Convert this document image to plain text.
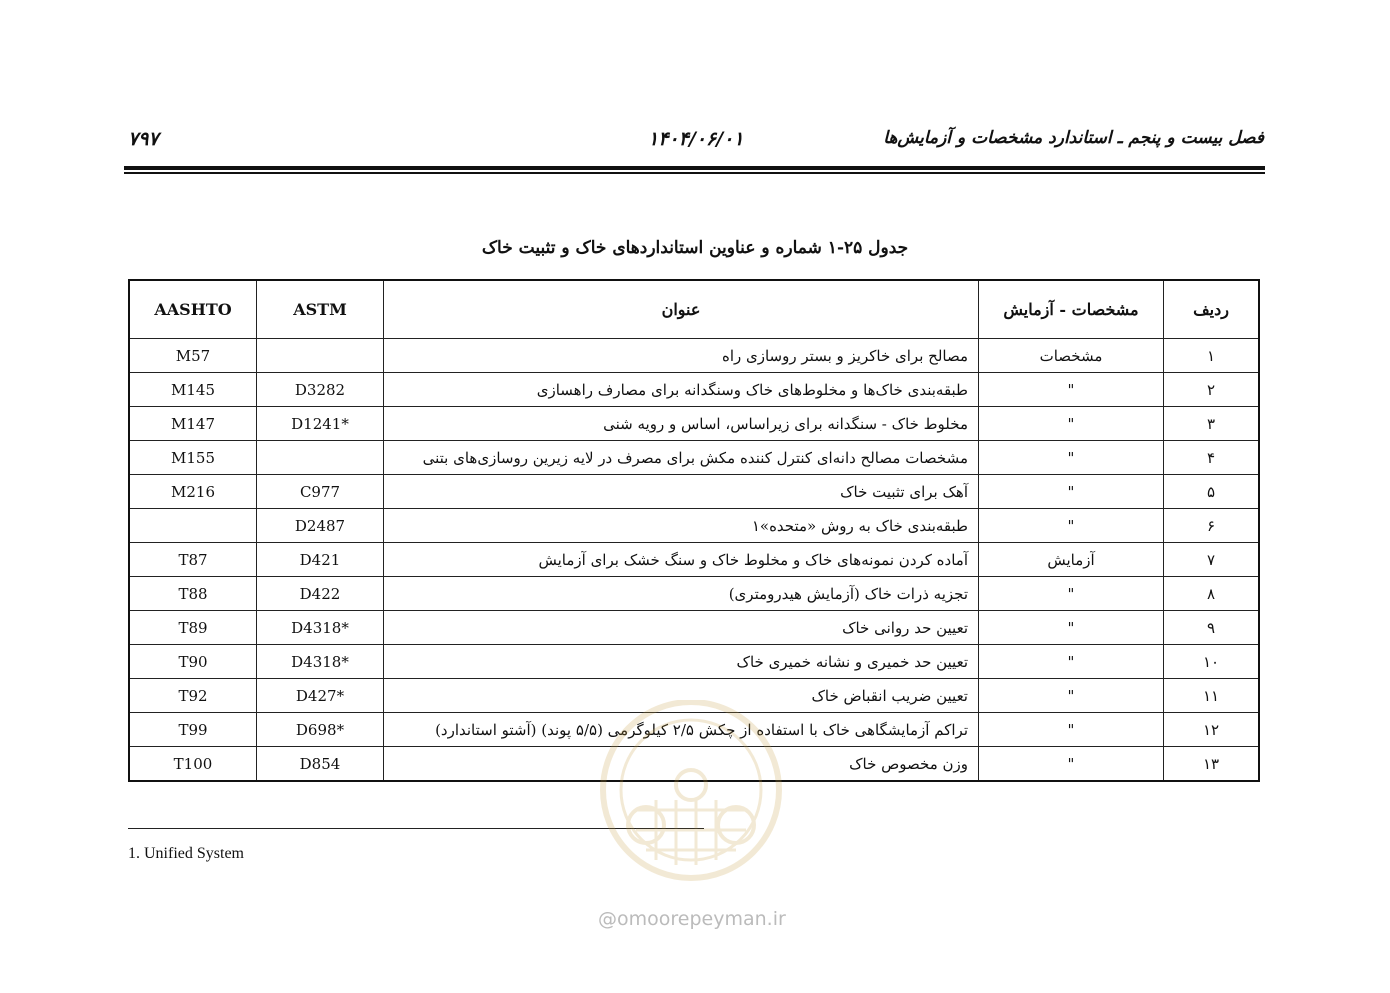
۷۹۷	۱۴۰۴/۰۶/۰۱	فصل بیست و پنجم ـ استاندارد مشخصات و آزمایش‌ها
جدول ۲۵-۱ شماره و عناوین استانداردهای خاک و تثبیت خاک
AASHTO	ASTM	عنوان	مشخصات - آزمایش	ردیف
M57		مصالح برای خاکریز و بستر روسازی راه	مشخصات	۱
M145	D3282	طبقه‌بندی خاک‌ها و مخلوط‌های خاک وسنگدانه برای مصارف راهسازی	"	۲
M147	D1241*	مخلوط خاک - سنگدانه برای زیراساس، اساس و رویه شنی	"	۳
M155		مشخصات مصالح دانه‌ای کنترل کننده مکش برای مصرف در لایه زیرین روسازی‌های بتنی	"	۴
M216	C977	آهک برای تثبیت خاک	"	۵
	D2487	طبقه‌بندی خاک به روش «متحده»۱	"	۶
T87	D421	آماده کردن نمونه‌های خاک و مخلوط خاک و سنگ خشک برای آزمایش	آزمایش	۷
T88	D422	تجزیه ذرات خاک (آزمایش هیدرومتری)	"	۸
T89	D4318*	تعیین حد روانی خاک	"	۹
T90	D4318*	تعیین حد خمیری و نشانه خمیری خاک	"	۱۰
T92	D427*	تعیین ضریب انقباض خاک	"	۱۱
T99	D698*	تراکم آزمایشگاهی خاک با استفاده از چکش ۲/۵ کیلوگرمی (۵/۵ پوند) (آشتو استاندارد)	"	۱۲
T100	D854	وزن مخصوص خاک	"	۱۳
1. Unified System
@omoorepeyman.ir
